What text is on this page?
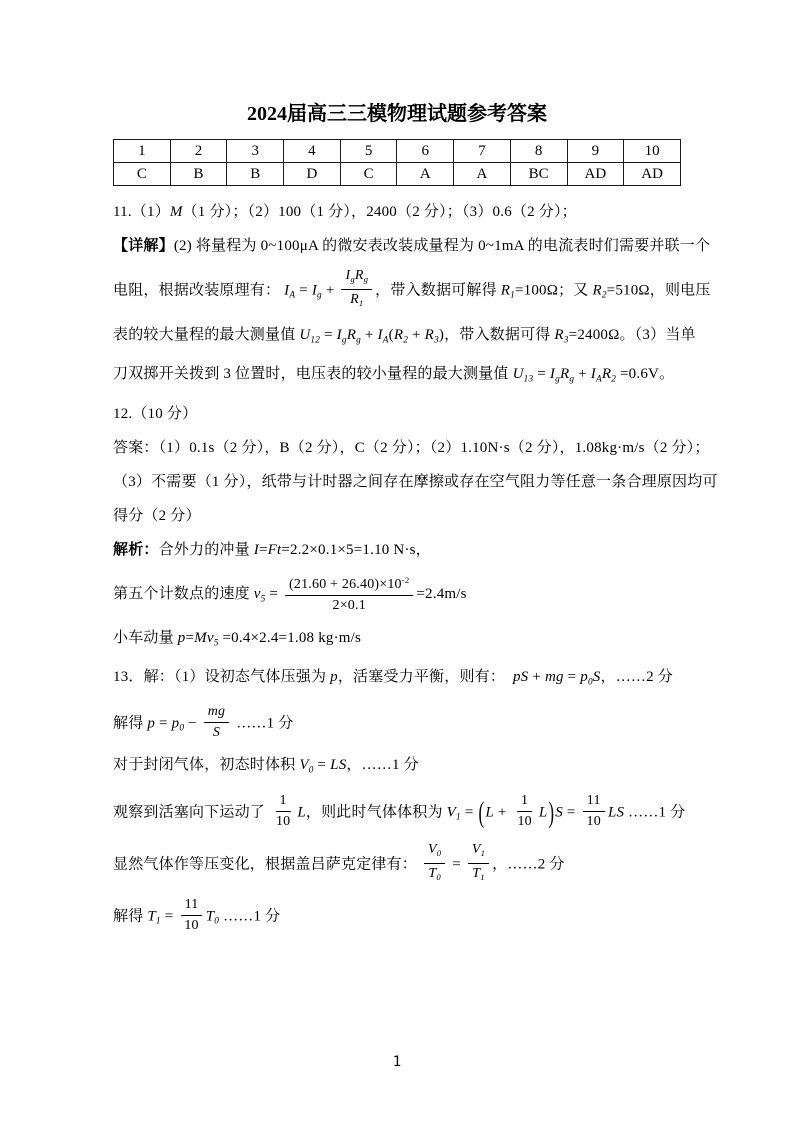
2024届高三三模物理试题参考答案
1	2	3	4	5	6	7	8	9	10
C	B	B	D	C	A	A	BC	AD	AD
11.（1）M（1 分）；（2）100（1 分），2400（2 分）；（3）0.6（2 分）；
【详解】(2) 将量程为 0~100μA 的微安表改装成量程为 0~1mA 的电流表时们需要并联一个
电阻，根据改装原理有： $I_A = I_g + \frac{I_gR_g}{R_1}$ ，带入数据可解得 $R_1=100\Omega$；又 $R_2=510\Omega$，则电压
表的较大量程的最大测量值 $U_{12} = I_gR_g + I_A(R_2 + R_3)$，带入数据可得 $R_3=2400\Omega$。（3）当单
刀双掷开关拨到 3 位置时，电压表的较小量程的最大测量值 $U_{13} = I_gR_g + I_AR_2 =0.6V$。
12.（10 分）
答案：（1）0.1s（2 分），B（2 分），C（2 分）；（2）1.10N·s（2 分），1.08kg·m/s（2 分）；
（3）不需要（1 分），纸带与计时器之间存在摩擦或存在空气阻力等任意一条合理原因均可
得分（2 分）
解析：合外力的冲量 I=Ft=2.2×0.1×5=1.10 N·s，
第五个计数点的速度 $v_5 = \frac{(21.60 + 26.40)\times 10^{-2}}{2\times 0.1} =2.4m/s$
小车动量 $p=Mv_5 =0.4\times 2.4=1.08$ kg·m/s
13．解：（1）设初态气体压强为 p，活塞受力平衡，则有：  pS + mg = $p_0S$，……2 分
解得 $p = p_0 - \frac{mg}{S}$ ……1 分
对于封闭气体，初态时体积 $V_0$ = LS，……1 分
观察到活塞向下运动了 $\frac{1}{10}$ L，则此时气体体积为 $V_1 = (L + \frac{1}{10} L)S = \frac{11}{10}$ LS ……1 分
显然气体作等压变化，根据盖吕萨克定律有： $\frac{V_0}{T_0} = \frac{V_1}{T_1}$ ，……2 分
解得 $T_1 = \frac{11}{10} T_0$ ……1 分
1
